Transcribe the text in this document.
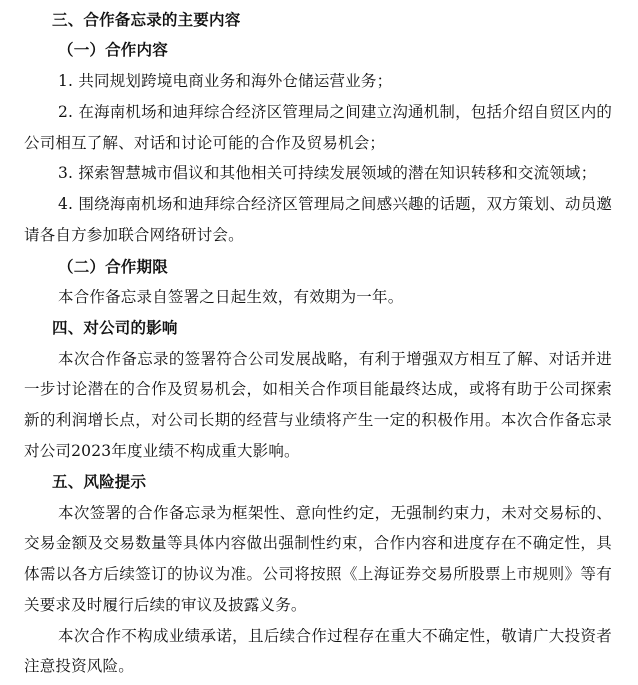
三、合作备忘录的主要内容
（一）合作内容
1. 共同规划跨境电商业务和海外仓储运营业务；
2. 在海南机场和迪拜综合经济区管理局之间建立沟通机制，包括介绍自贸区内的
公司相互了解、对话和讨论可能的合作及贸易机会；
3. 探索智慧城市倡议和其他相关可持续发展领域的潜在知识转移和交流领域；
4. 围绕海南机场和迪拜综合经济区管理局之间感兴趣的话题，双方策划、动员邀
请各自方参加联合网络研讨会。
（二）合作期限
本合作备忘录自签署之日起生效，有效期为一年。
四、对公司的影响
本次合作备忘录的签署符合公司发展战略，有利于增强双方相互了解、对话并进
一步讨论潜在的合作及贸易机会，如相关合作项目能最终达成，或将有助于公司探索
新的利润增长点，对公司长期的经营与业绩将产生一定的积极作用。本次合作备忘录
对公司2023年度业绩不构成重大影响。
五、风险提示
本次签署的合作备忘录为框架性、意向性约定，无强制约束力，未对交易标的、
交易金额及交易数量等具体内容做出强制性约束，合作内容和进度存在不确定性，具
体需以各方后续签订的协议为准。公司将按照《上海证券交易所股票上市规则》等有
关要求及时履行后续的审议及披露义务。
本次合作不构成业绩承诺，且后续合作过程存在重大不确定性，敬请广大投资者
注意投资风险。
